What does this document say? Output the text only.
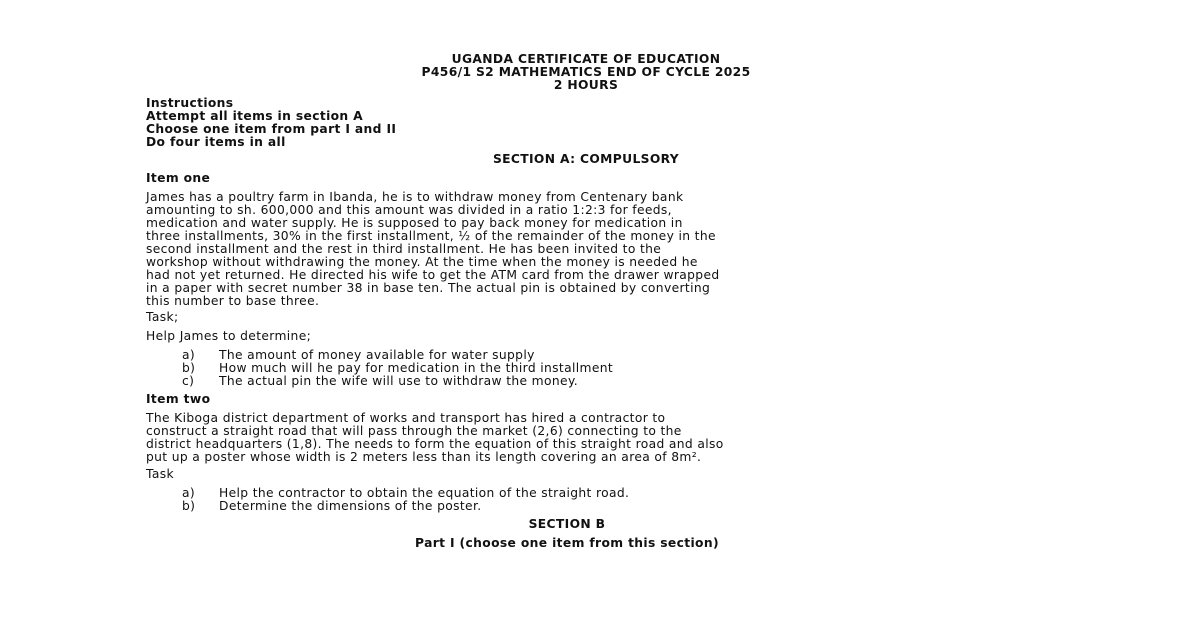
UGANDA CERTIFICATE OF EDUCATION
P456/1 S2 MATHEMATICS END OF CYCLE 2025
2 HOURS
Instructions
Attempt all items in section A
Choose one item from part I and II
Do four items in all
SECTION A: COMPULSORY
Item one
James has a poultry farm in Ibanda, he is to withdraw money from Centenary bank
amounting to sh. 600,000 and this amount was divided in a ratio 1:2:3 for feeds,
medication and water supply. He is supposed to pay back money for medication in
three installments, 30% in the first installment, ½ of the remainder of the money in the
second installment and the rest in third installment. He has been invited to the
workshop without withdrawing the money. At the time when the money is needed he
had not yet returned. He directed his wife to get the ATM card from the drawer wrapped
in a paper with secret number 38 in base ten. The actual pin is obtained by converting
this number to base three.
Task;
Help James to determine;
a) The amount of money available for water supply
b) How much will he pay for medication in the third installment
c) The actual pin the wife will use to withdraw the money.
Item two
The Kiboga district department of works and transport has hired a contractor to
construct a straight road that will pass through the market (2,6) connecting to the
district headquarters (1,8). The needs to form the equation of this straight road and also
put up a poster whose width is 2 meters less than its length covering an area of 8m².
Task
a) Help the contractor to obtain the equation of the straight road.
b) Determine the dimensions of the poster.
SECTION B
Part I (choose one item from this section)
